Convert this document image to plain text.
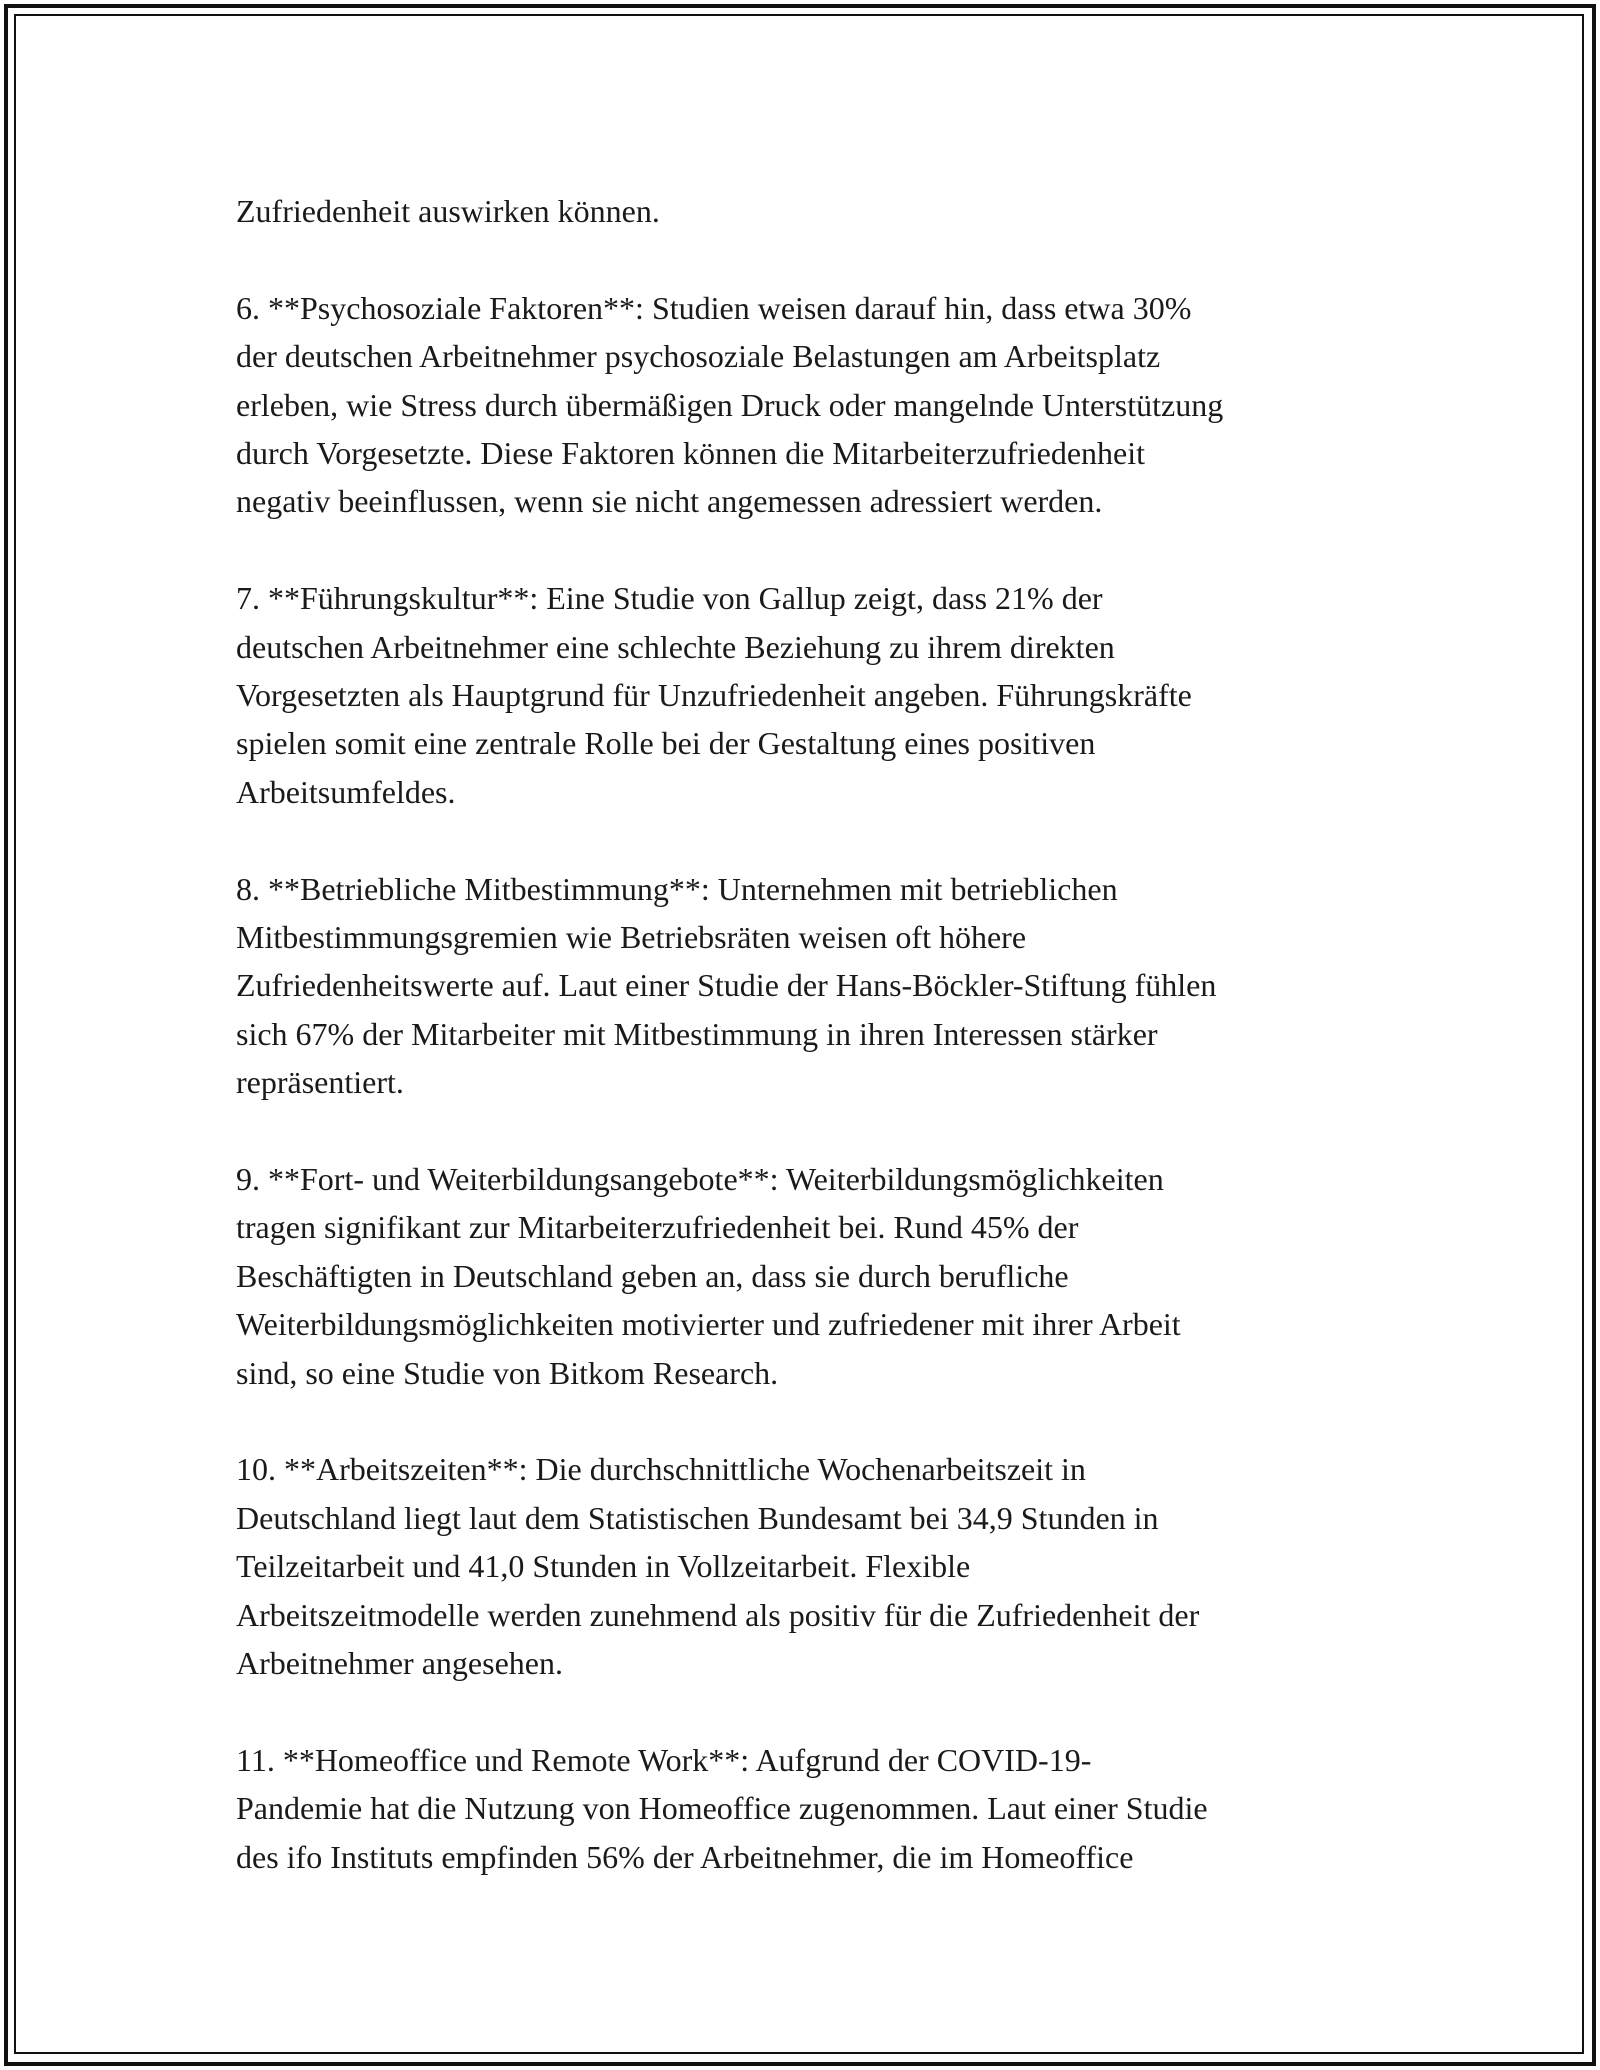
Zufriedenheit auswirken können.

6. **Psychosoziale Faktoren**: Studien weisen darauf hin, dass etwa 30%
der deutschen Arbeitnehmer psychosoziale Belastungen am Arbeitsplatz
erleben, wie Stress durch übermäßigen Druck oder mangelnde Unterstützung
durch Vorgesetzte. Diese Faktoren können die Mitarbeiterzufriedenheit
negativ beeinflussen, wenn sie nicht angemessen adressiert werden.

7. **Führungskultur**: Eine Studie von Gallup zeigt, dass 21% der
deutschen Arbeitnehmer eine schlechte Beziehung zu ihrem direkten
Vorgesetzten als Hauptgrund für Unzufriedenheit angeben. Führungskräfte
spielen somit eine zentrale Rolle bei der Gestaltung eines positiven
Arbeitsumfeldes.

8. **Betriebliche Mitbestimmung**: Unternehmen mit betrieblichen
Mitbestimmungsgremien wie Betriebsräten weisen oft höhere
Zufriedenheitswerte auf. Laut einer Studie der Hans-Böckler-Stiftung fühlen
sich 67% der Mitarbeiter mit Mitbestimmung in ihren Interessen stärker
repräsentiert.

9. **Fort- und Weiterbildungsangebote**: Weiterbildungsmöglichkeiten
tragen signifikant zur Mitarbeiterzufriedenheit bei. Rund 45% der
Beschäftigten in Deutschland geben an, dass sie durch berufliche
Weiterbildungsmöglichkeiten motivierter und zufriedener mit ihrer Arbeit
sind, so eine Studie von Bitkom Research.

10. **Arbeitszeiten**: Die durchschnittliche Wochenarbeitszeit in
Deutschland liegt laut dem Statistischen Bundesamt bei 34,9 Stunden in
Teilzeitarbeit und 41,0 Stunden in Vollzeitarbeit. Flexible
Arbeitszeitmodelle werden zunehmend als positiv für die Zufriedenheit der
Arbeitnehmer angesehen.

11. **Homeoffice und Remote Work**: Aufgrund der COVID-19-
Pandemie hat die Nutzung von Homeoffice zugenommen. Laut einer Studie
des ifo Instituts empfinden 56% der Arbeitnehmer, die im Homeoffice
